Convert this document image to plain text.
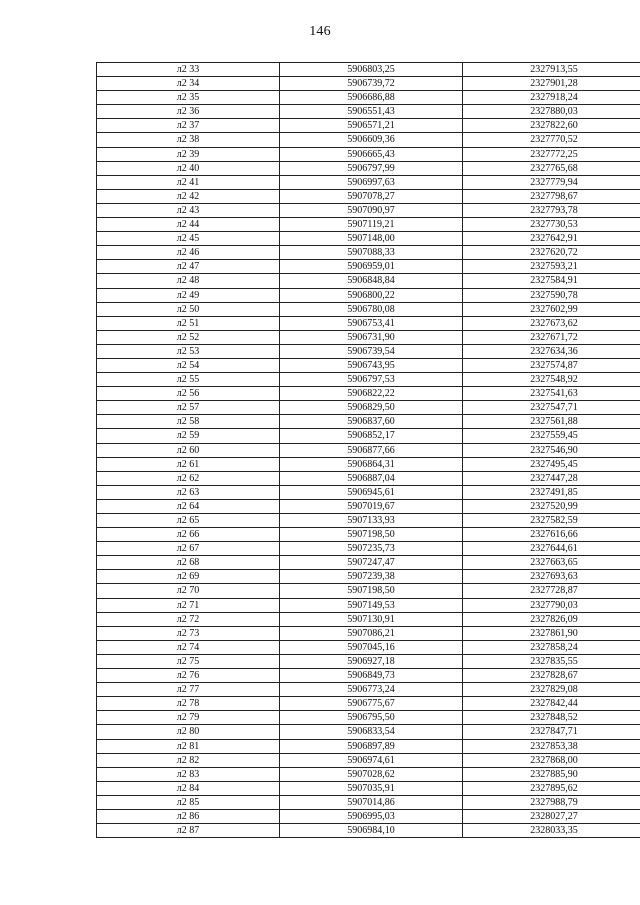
146
л2 33	5906803,25	2327913,55
л2 34	5906739,72	2327901,28
л2 35	5906686,88	2327918,24
л2 36	5906551,43	2327880,03
л2 37	5906571,21	2327822,60
л2 38	5906609,36	2327770,52
л2 39	5906665,43	2327772,25
л2 40	5906797,99	2327765,68
л2 41	5906997,63	2327779,94
л2 42	5907078,27	2327798,67
л2 43	5907090,97	2327793,78
л2 44	5907119,21	2327730,53
л2 45	5907148,00	2327642,91
л2 46	5907088,33	2327620,72
л2 47	5906959,01	2327593,21
л2 48	5906848,84	2327584,91
л2 49	5906800,22	2327590,78
л2 50	5906780,08	2327602,99
л2 51	5906753,41	2327673,62
л2 52	5906731,90	2327671,72
л2 53	5906739,54	2327634,36
л2 54	5906743,95	2327574,87
л2 55	5906797,53	2327548,92
л2 56	5906822,22	2327541,63
л2 57	5906829,50	2327547,71
л2 58	5906837,60	2327561,88
л2 59	5906852,17	2327559,45
л2 60	5906877,66	2327546,90
л2 61	5906864,31	2327495,45
л2 62	5906887,04	2327447,28
л2 63	5906945,61	2327491,85
л2 64	5907019,67	2327520,99
л2 65	5907133,93	2327582,59
л2 66	5907198,50	2327616,66
л2 67	5907235,73	2327644,61
л2 68	5907247,47	2327663,65
л2 69	5907239,38	2327693,63
л2 70	5907198,50	2327728,87
л2 71	5907149,53	2327790,03
л2 72	5907130,91	2327826,09
л2 73	5907086,21	2327861,90
л2 74	5907045,16	2327858,24
л2 75	5906927,18	2327835,55
л2 76	5906849,73	2327828,67
л2 77	5906773,24	2327829,08
л2 78	5906775,67	2327842,44
л2 79	5906795,50	2327848,52
л2 80	5906833,54	2327847,71
л2 81	5906897,89	2327853,38
л2 82	5906974,61	2327868,00
л2 83	5907028,62	2327885,90
л2 84	5907035,91	2327895,62
л2 85	5907014,86	2327988,79
л2 86	5906995,03	2328027,27
л2 87	5906984,10	2328033,35
